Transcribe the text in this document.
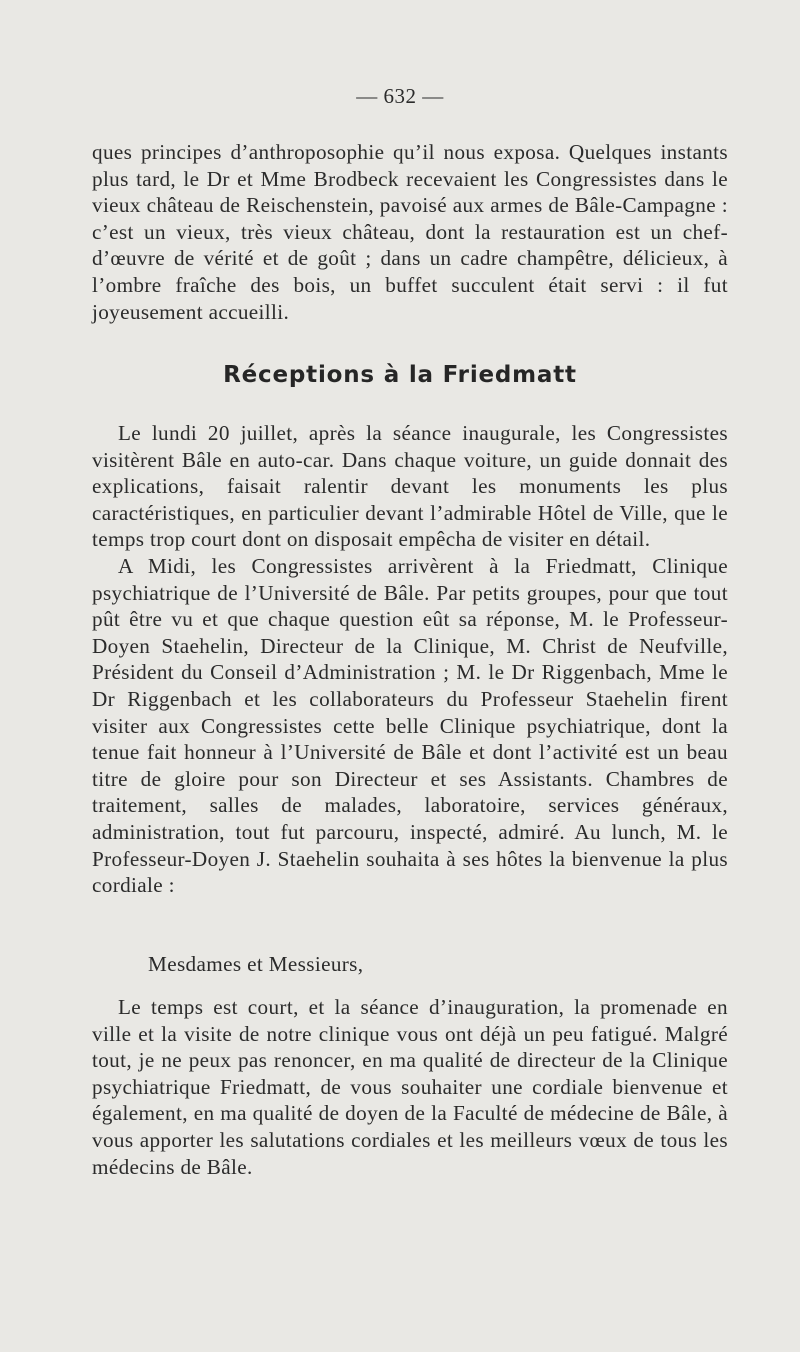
— 632 —

ques principes d’anthroposophie qu’il nous exposa. Quelques instants plus tard, le Dr et Mme Brodbeck recevaient les Congressistes dans le vieux château de Reischenstein, pavoisé aux armes de Bâle-Campagne : c’est un vieux, très vieux château, dont la restauration est un chef-d’œuvre de vérité et de goût ; dans un cadre champêtre, délicieux, à l’ombre fraîche des bois, un buffet succulent était servi : il fut joyeusement accueilli.

Réceptions à la Friedmatt

Le lundi 20 juillet, après la séance inaugurale, les Congressistes visitèrent Bâle en auto-car. Dans chaque voiture, un guide donnait des explications, faisait ralentir devant les monuments les plus caractéristiques, en particulier devant l’admirable Hôtel de Ville, que le temps trop court dont on disposait empêcha de visiter en détail.

A Midi, les Congressistes arrivèrent à la Friedmatt, Clinique psychiatrique de l’Université de Bâle. Par petits groupes, pour que tout pût être vu et que chaque question eût sa réponse, M. le Professeur-Doyen Staehelin, Directeur de la Clinique, M. Christ de Neufville, Président du Conseil d’Administration ; M. le Dr Riggenbach, Mme le Dr Riggenbach et les collaborateurs du Professeur Staehelin firent visiter aux Congressistes cette belle Clinique psychiatrique, dont la tenue fait honneur à l’Université de Bâle et dont l’activité est un beau titre de gloire pour son Directeur et ses Assistants. Chambres de traitement, salles de malades, laboratoire, services généraux, administration, tout fut parcouru, inspecté, admiré. Au lunch, M. le Professeur-Doyen J. Staehelin souhaita à ses hôtes la bienvenue la plus cordiale :

Mesdames et Messieurs,

Le temps est court, et la séance d’inauguration, la promenade en ville et la visite de notre clinique vous ont déjà un peu fatigué. Malgré tout, je ne peux pas renoncer, en ma qualité de directeur de la Clinique psychiatrique Friedmatt, de vous souhaiter une cordiale bienvenue et également, en ma qualité de doyen de la Faculté de médecine de Bâle, à vous apporter les salutations cordiales et les meilleurs vœux de tous les médecins de Bâle.
